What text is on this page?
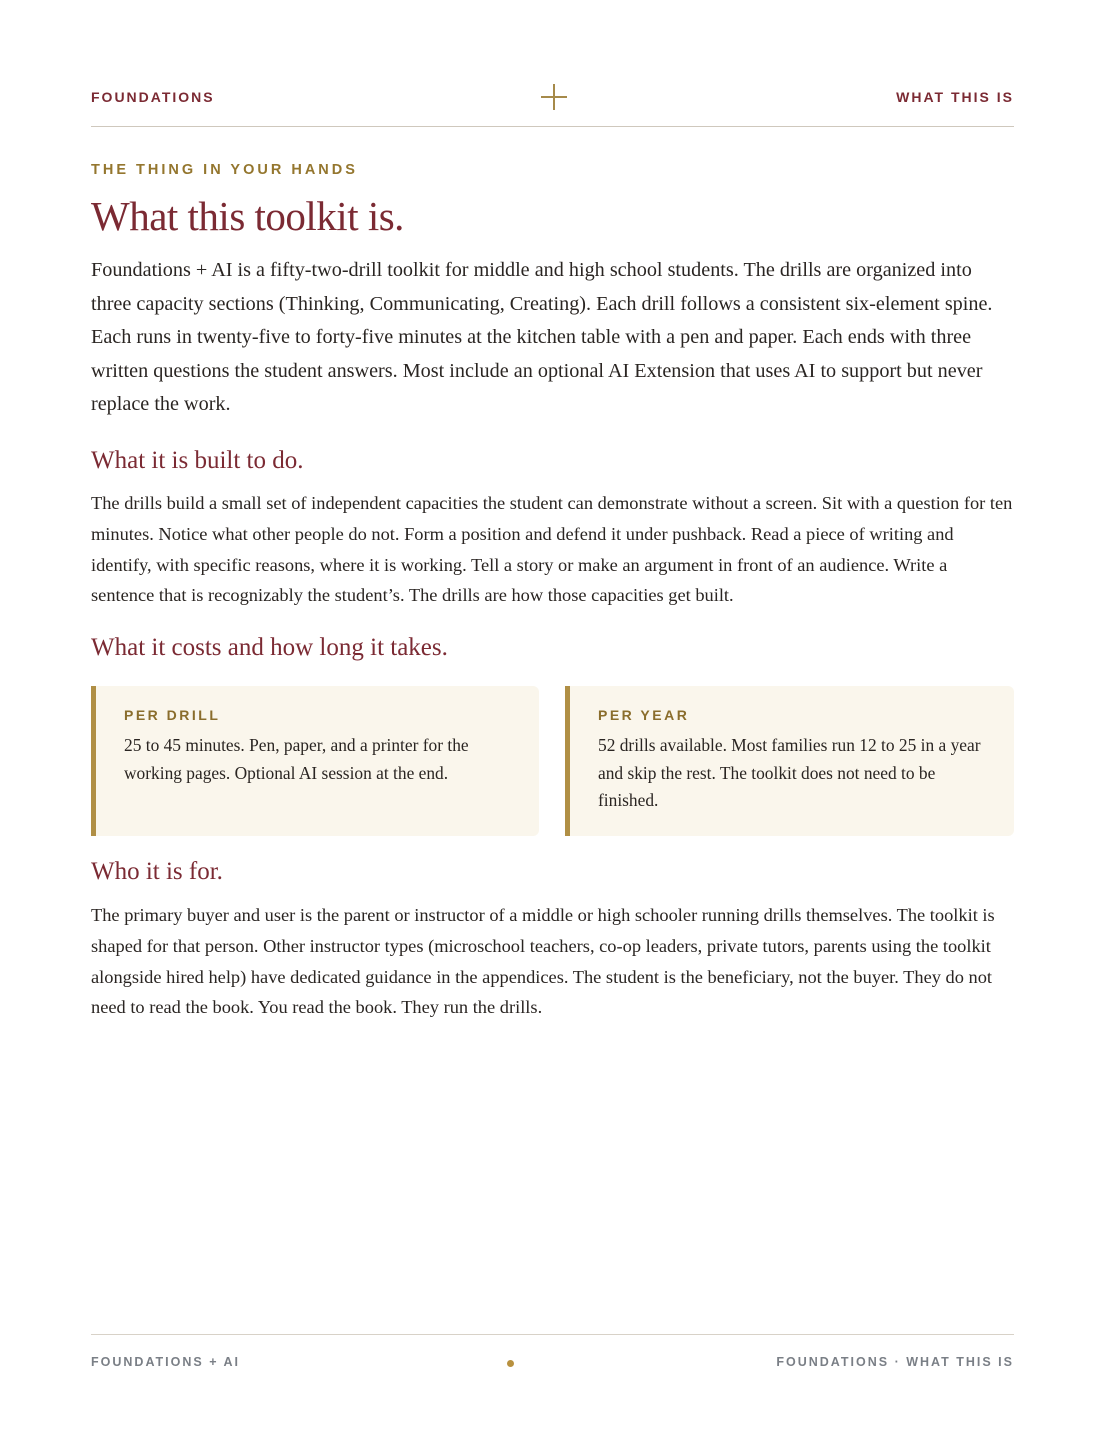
FOUNDATIONS	WHAT THIS IS
THE THING IN YOUR HANDS
What this toolkit is.

Foundations + AI is a fifty-two-drill toolkit for middle and high school students. The drills are organized into three capacity sections (Thinking, Communicating, Creating). Each drill follows a consistent six-element spine. Each runs in twenty-five to forty-five minutes at the kitchen table with a pen and paper. Each ends with three written questions the student answers. Most include an optional AI Extension that uses AI to support but never replace the work.

What it is built to do.

The drills build a small set of independent capacities the student can demonstrate without a screen. Sit with a question for ten minutes. Notice what other people do not. Form a position and defend it under pushback. Read a piece of writing and identify, with specific reasons, where it is working. Tell a story or make an argument in front of an audience. Write a sentence that is recognizably the student’s. The drills are how those capacities get built.

What it costs and how long it takes.
PER DRILL
25 to 45 minutes. Pen, paper, and a printer for the working pages. Optional AI session at the end.
PER YEAR
52 drills available. Most families run 12 to 25 in a year and skip the rest. The toolkit does not need to be finished.
Who it is for.

The primary buyer and user is the parent or instructor of a middle or high schooler running drills themselves. The toolkit is shaped for that person. Other instructor types (microschool teachers, co-op leaders, private tutors, parents using the toolkit alongside hired help) have dedicated guidance in the appendices. The student is the beneficiary, not the buyer. They do not need to read the book. You read the book. They run the drills.

FOUNDATIONS + AI	FOUNDATIONS · WHAT THIS IS
